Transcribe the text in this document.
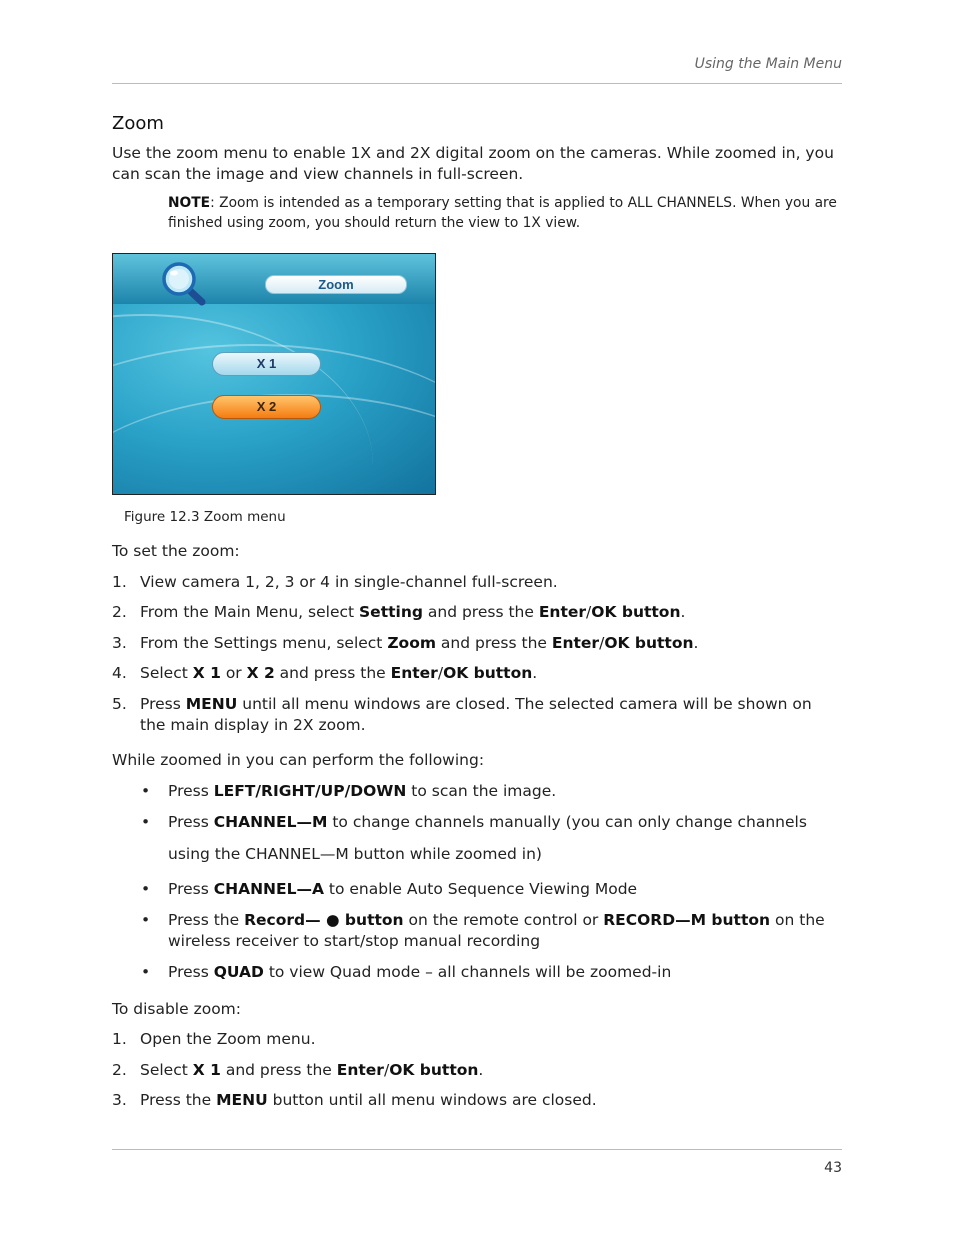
Using the Main Menu
Zoom

Use the zoom menu to enable 1X and 2X digital zoom on the cameras. While zoomed in, you can scan the image and view channels in full-screen.

NOTE: Zoom is intended as a temporary setting that is applied to ALL CHANNELS. When you are finished using zoom, you should return the view to 1X view.

Zoom
X 1
X 2

Figure 12.3 Zoom menu

To set the zoom:

1. View camera 1, 2, 3 or 4 in single-channel full-screen.
2. From the Main Menu, select Setting and press the Enter/OK button.
3. From the Settings menu, select Zoom and press the Enter/OK button.
4. Select X 1 or X 2 and press the Enter/OK button.
5. Press MENU until all menu windows are closed. The selected camera will be shown on the main display in 2X zoom.

While zoomed in you can perform the following:

• Press LEFT/RIGHT/UP/DOWN to scan the image.
• Press CHANNEL—M to change channels manually (you can only change channels using the CHANNEL—M button while zoomed in)
• Press CHANNEL—A to enable Auto Sequence Viewing Mode
• Press the Record— ● button on the remote control or RECORD—M button on the wireless receiver to start/stop manual recording
• Press QUAD to view Quad mode – all channels will be zoomed-in

To disable zoom:

1. Open the Zoom menu.
2. Select X 1 and press the Enter/OK button.
3. Press the MENU button until all menu windows are closed.
43
